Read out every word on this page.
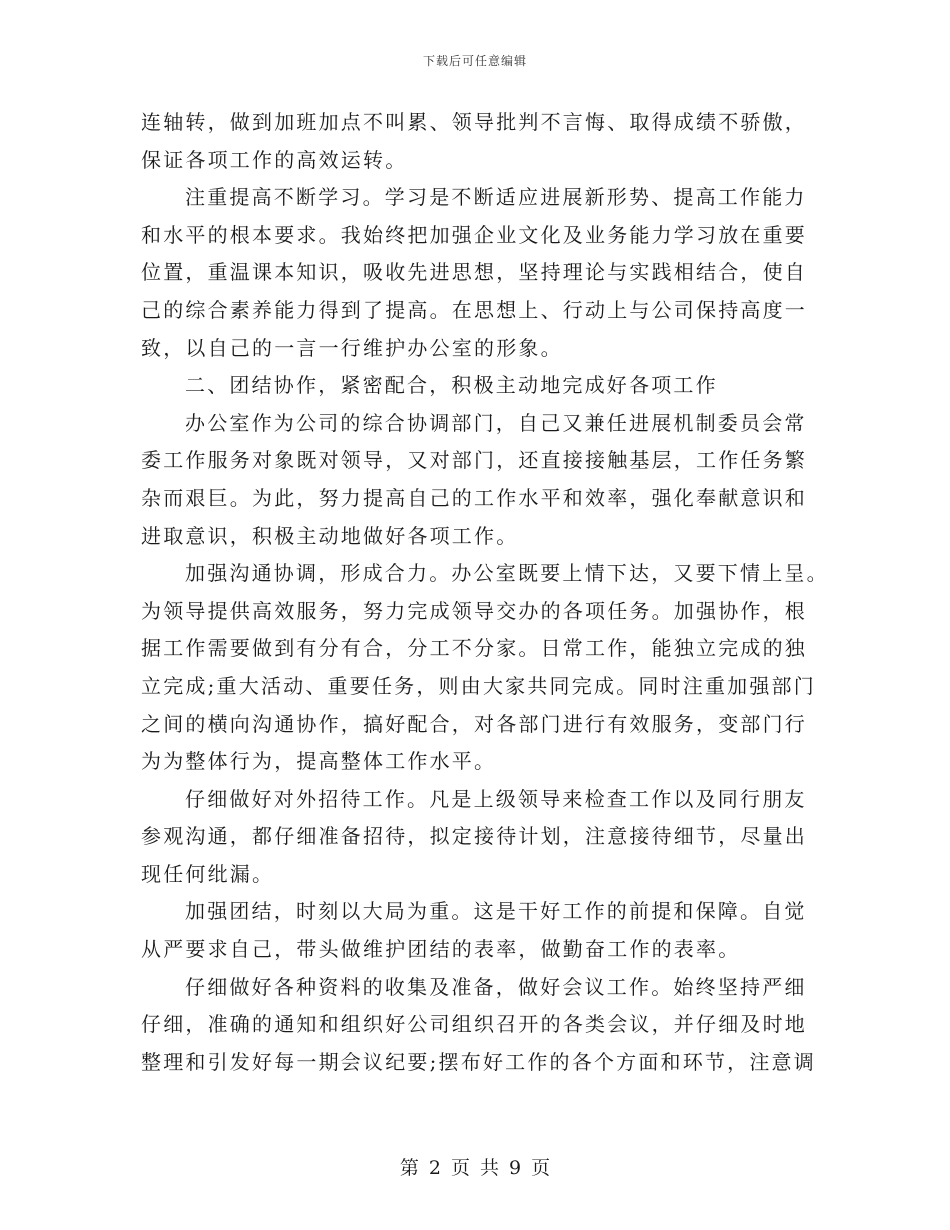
下载后可任意编辑
连轴转，做到加班加点不叫累、领导批判不言悔、取得成绩不骄傲，
保证各项工作的高效运转。
注重提高不断学习。学习是不断适应进展新形势、提高工作能力
和水平的根本要求。我始终把加强企业文化及业务能力学习放在重要
位置，重温课本知识，吸收先进思想，坚持理论与实践相结合，使自
己的综合素养能力得到了提高。在思想上、行动上与公司保持高度一
致，以自己的一言一行维护办公室的形象。
二、团结协作，紧密配合，积极主动地完成好各项工作
办公室作为公司的综合协调部门，自己又兼任进展机制委员会常
委工作服务对象既对领导，又对部门，还直接接触基层，工作任务繁
杂而艰巨。为此，努力提高自己的工作水平和效率，强化奉献意识和
进取意识，积极主动地做好各项工作。
加强沟通协调，形成合力。办公室既要上情下达，又要下情上呈。
为领导提供高效服务，努力完成领导交办的各项任务。加强协作，根
据工作需要做到有分有合，分工不分家。日常工作，能独立完成的独
立完成;重大活动、重要任务，则由大家共同完成。同时注重加强部门
之间的横向沟通协作，搞好配合，对各部门进行有效服务，变部门行
为为整体行为，提高整体工作水平。
仔细做好对外招待工作。凡是上级领导来检查工作以及同行朋友
参观沟通，都仔细准备招待，拟定接待计划，注意接待细节，尽量出
现任何纰漏。
加强团结，时刻以大局为重。这是干好工作的前提和保障。自觉
从严要求自己，带头做维护团结的表率，做勤奋工作的表率。
仔细做好各种资料的收集及准备，做好会议工作。始终坚持严细
仔细，准确的通知和组织好公司组织召开的各类会议，并仔细及时地
整理和引发好每一期会议纪要;摆布好工作的各个方面和环节，注意调
第 2 页 共 9 页
